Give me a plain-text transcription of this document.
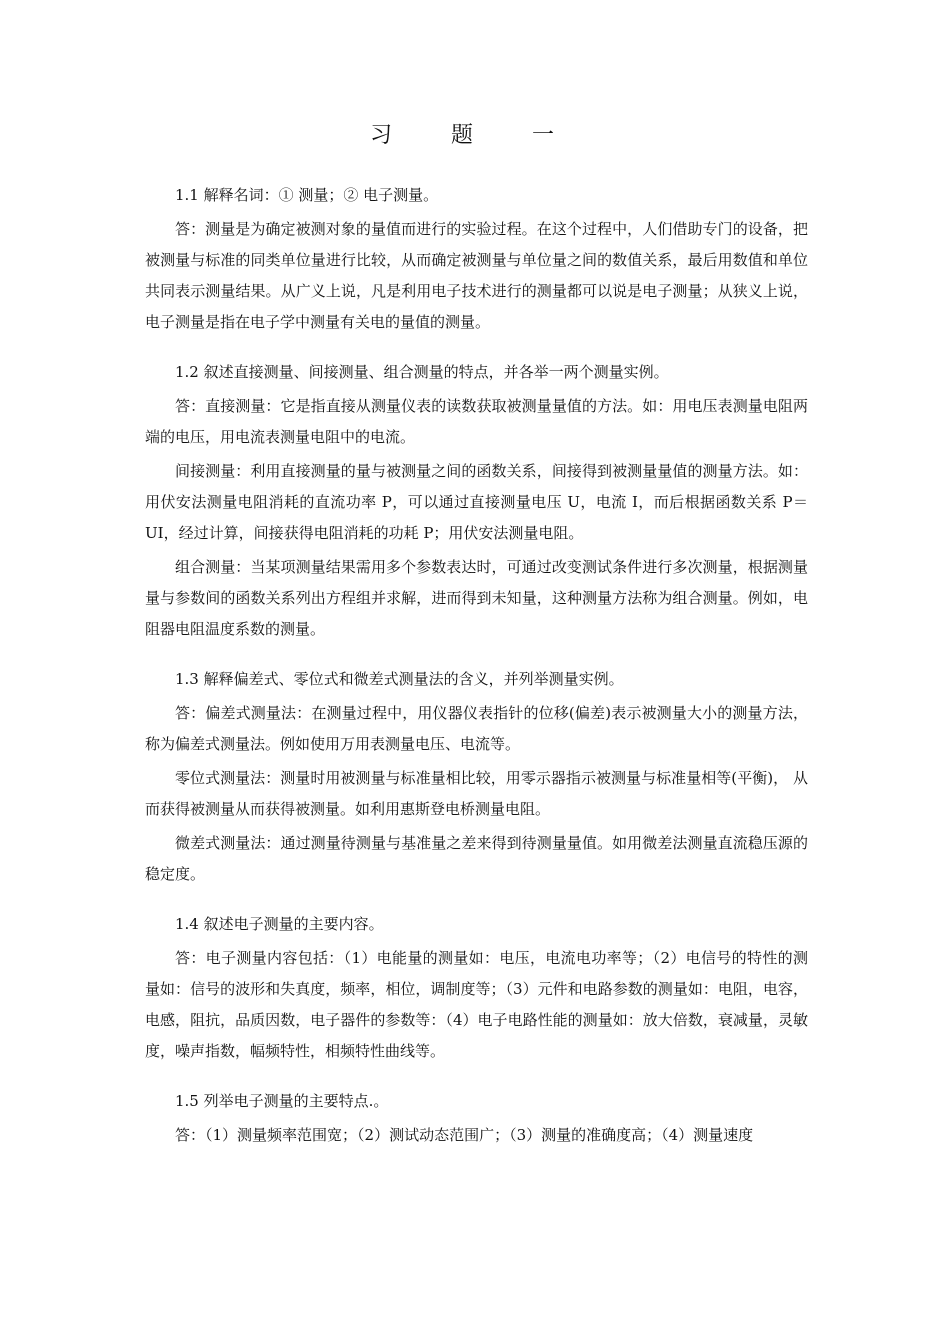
习 题 一

1.1 解释名词：① 测量；② 电子测量。

答：测量是为确定被测对象的量值而进行的实验过程。在这个过程中，人们借助专门的设备，把被测量与标准的同类单位量进行比较，从而确定被测量与单位量之间的数值关系，最后用数值和单位共同表示测量结果。从广义上说，凡是利用电子技术进行的测量都可以说是电子测量；从狭义上说，电子测量是指在电子学中测量有关电的量值的测量。

1.2 叙述直接测量、间接测量、组合测量的特点，并各举一两个测量实例。

答：直接测量：它是指直接从测量仪表的读数获取被测量量值的方法。如：用电压表测量电阻两端的电压，用电流表测量电阻中的电流。

间接测量：利用直接测量的量与被测量之间的函数关系，间接得到被测量量值的测量方法。如：用伏安法测量电阻消耗的直流功率 P，可以通过直接测量电压 U，电流 I，而后根据函数关系 P＝UI，经过计算，间接获得电阻消耗的功耗 P；用伏安法测量电阻。

组合测量：当某项测量结果需用多个参数表达时，可通过改变测试条件进行多次测量，根据测量量与参数间的函数关系列出方程组并求解，进而得到未知量，这种测量方法称为组合测量。例如，电阻器电阻温度系数的测量。

1.3 解释偏差式、零位式和微差式测量法的含义，并列举测量实例。

答：偏差式测量法：在测量过程中，用仪器仪表指针的位移(偏差)表示被测量大小的测量方法，称为偏差式测量法。例如使用万用表测量电压、电流等。

零位式测量法：测量时用被测量与标准量相比较，用零示器指示被测量与标准量相等(平衡)， 从而获得被测量从而获得被测量。如利用惠斯登电桥测量电阻。

微差式测量法：通过测量待测量与基准量之差来得到待测量量值。如用微差法测量直流稳压源的稳定度。

1.4 叙述电子测量的主要内容。

答：电子测量内容包括：（1）电能量的测量如：电压，电流电功率等；（2）电信号的特性的测量如：信号的波形和失真度，频率，相位，调制度等；（3）元件和电路参数的测量如：电阻，电容，电感，阻抗，品质因数，电子器件的参数等：（4）电子电路性能的测量如：放大倍数，衰减量，灵敏度，噪声指数，幅频特性，相频特性曲线等。

1.5 列举电子测量的主要特点.。

答：（1）测量频率范围宽；（2）测试动态范围广；（3）测量的准确度高；（4）测量速度
